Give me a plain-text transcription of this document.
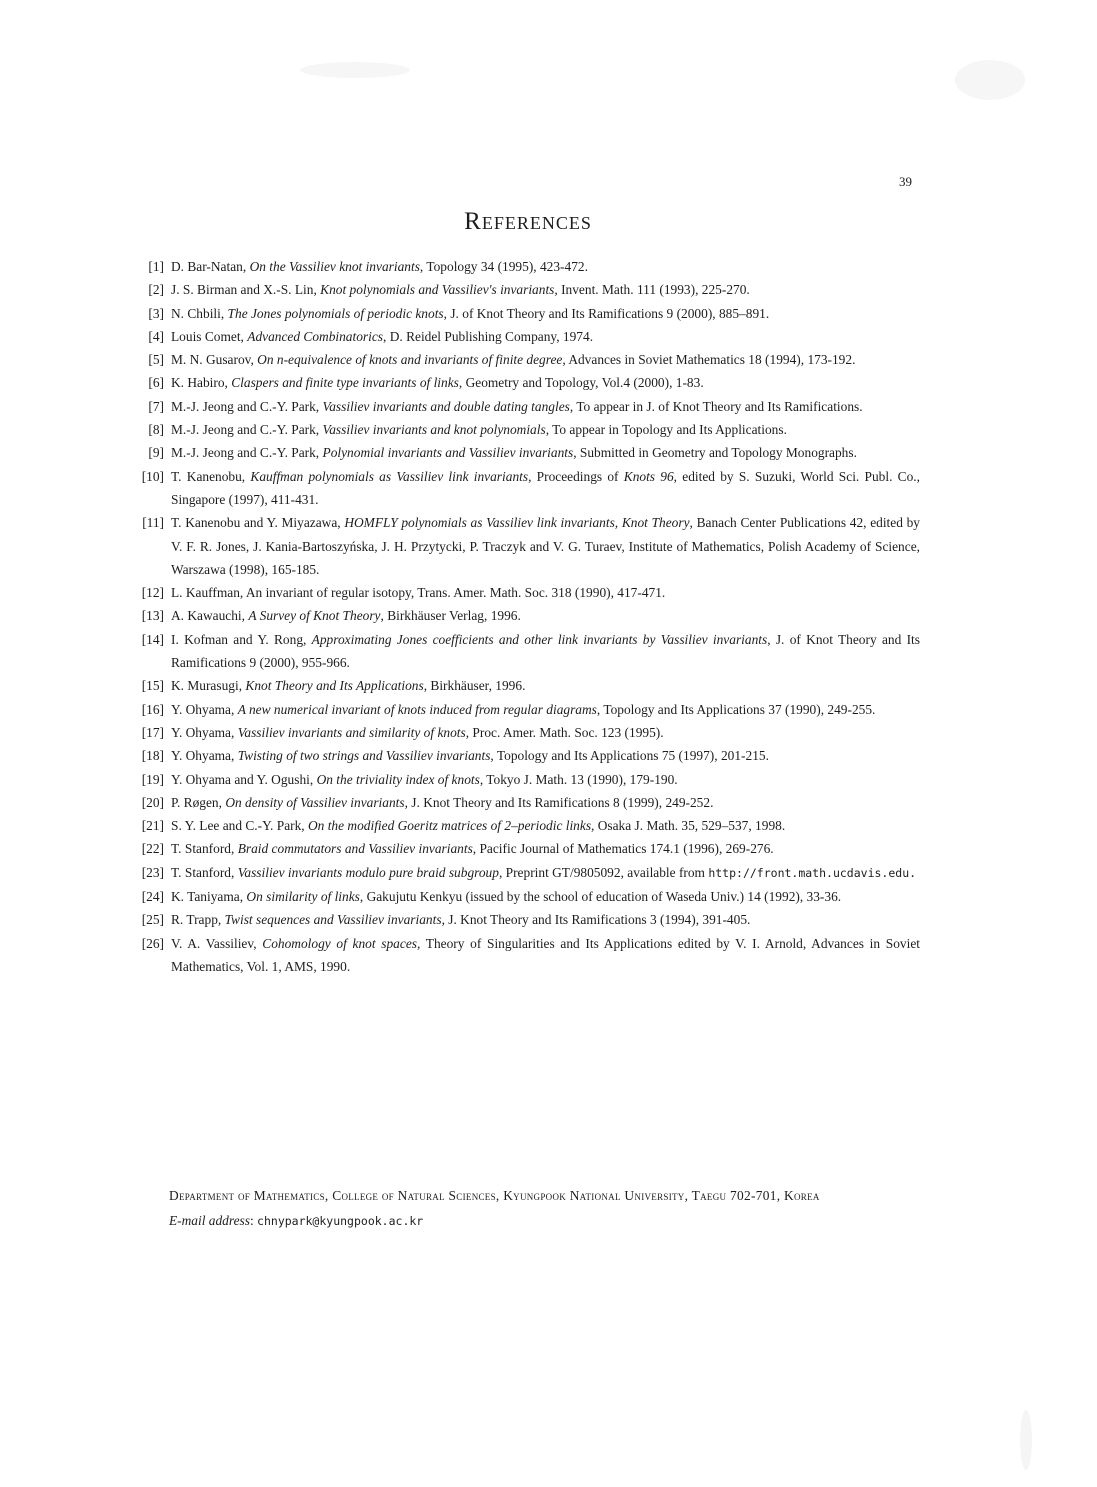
39
References
[1] D. Bar-Natan, On the Vassiliev knot invariants, Topology 34 (1995), 423-472.
[2] J. S. Birman and X.-S. Lin, Knot polynomials and Vassiliev's invariants, Invent. Math. 111 (1993), 225-270.
[3] N. Chbili, The Jones polynomials of periodic knots, J. of Knot Theory and Its Ramifications 9 (2000), 885–891.
[4] Louis Comet, Advanced Combinatorics, D. Reidel Publishing Company, 1974.
[5] M. N. Gusarov, On n-equivalence of knots and invariants of finite degree, Advances in Soviet Mathematics 18 (1994), 173-192.
[6] K. Habiro, Claspers and finite type invariants of links, Geometry and Topology, Vol.4 (2000), 1-83.
[7] M.-J. Jeong and C.-Y. Park, Vassiliev invariants and double dating tangles, To appear in J. of Knot Theory and Its Ramifications.
[8] M.-J. Jeong and C.-Y. Park, Vassiliev invariants and knot polynomials, To appear in Topology and Its Applications.
[9] M.-J. Jeong and C.-Y. Park, Polynomial invariants and Vassiliev invariants, Submitted in Geometry and Topology Monographs.
[10] T. Kanenobu, Kauffman polynomials as Vassiliev link invariants, Proceedings of Knots 96, edited by S. Suzuki, World Sci. Publ. Co., Singapore (1997), 411-431.
[11] T. Kanenobu and Y. Miyazawa, HOMFLY polynomials as Vassiliev link invariants, Knot Theory, Banach Center Publications 42, edited by V. F. R. Jones, J. Kania-Bartoszyńska, J. H. Przytycki, P. Traczyk and V. G. Turaev, Institute of Mathematics, Polish Academy of Science, Warszawa (1998), 165-185.
[12] L. Kauffman, An invariant of regular isotopy, Trans. Amer. Math. Soc. 318 (1990), 417-471.
[13] A. Kawauchi, A Survey of Knot Theory, Birkhäuser Verlag, 1996.
[14] I. Kofman and Y. Rong, Approximating Jones coefficients and other link invariants by Vassiliev invariants, J. of Knot Theory and Its Ramifications 9 (2000), 955-966.
[15] K. Murasugi, Knot Theory and Its Applications, Birkhäuser, 1996.
[16] Y. Ohyama, A new numerical invariant of knots induced from regular diagrams, Topology and Its Applications 37 (1990), 249-255.
[17] Y. Ohyama, Vassiliev invariants and similarity of knots, Proc. Amer. Math. Soc. 123 (1995).
[18] Y. Ohyama, Twisting of two strings and Vassiliev invariants, Topology and Its Applications 75 (1997), 201-215.
[19] Y. Ohyama and Y. Ogushi, On the triviality index of knots, Tokyo J. Math. 13 (1990), 179-190.
[20] P. Røgen, On density of Vassiliev invariants, J. Knot Theory and Its Ramifications 8 (1999), 249-252.
[21] S. Y. Lee and C.-Y. Park, On the modified Goeritz matrices of 2–periodic links, Osaka J. Math. 35, 529–537, 1998.
[22] T. Stanford, Braid commutators and Vassiliev invariants, Pacific Journal of Mathematics 174.1 (1996), 269-276.
[23] T. Stanford, Vassiliev invariants modulo pure braid subgroup, Preprint GT/9805092, available from http://front.math.ucdavis.edu.
[24] K. Taniyama, On similarity of links, Gakujutu Kenkyu (issued by the school of education of Waseda Univ.) 14 (1992), 33-36.
[25] R. Trapp, Twist sequences and Vassiliev invariants, J. Knot Theory and Its Ramifications 3 (1994), 391-405.
[26] V. A. Vassiliev, Cohomology of knot spaces, Theory of Singularities and Its Applications edited by V. I. Arnold, Advances in Soviet Mathematics, Vol. 1, AMS, 1990.
Department of Mathematics, College of Natural Sciences, Kyungpook National University, Taegu 702-701, Korea
E-mail address: chnypark@kyungpook.ac.kr
